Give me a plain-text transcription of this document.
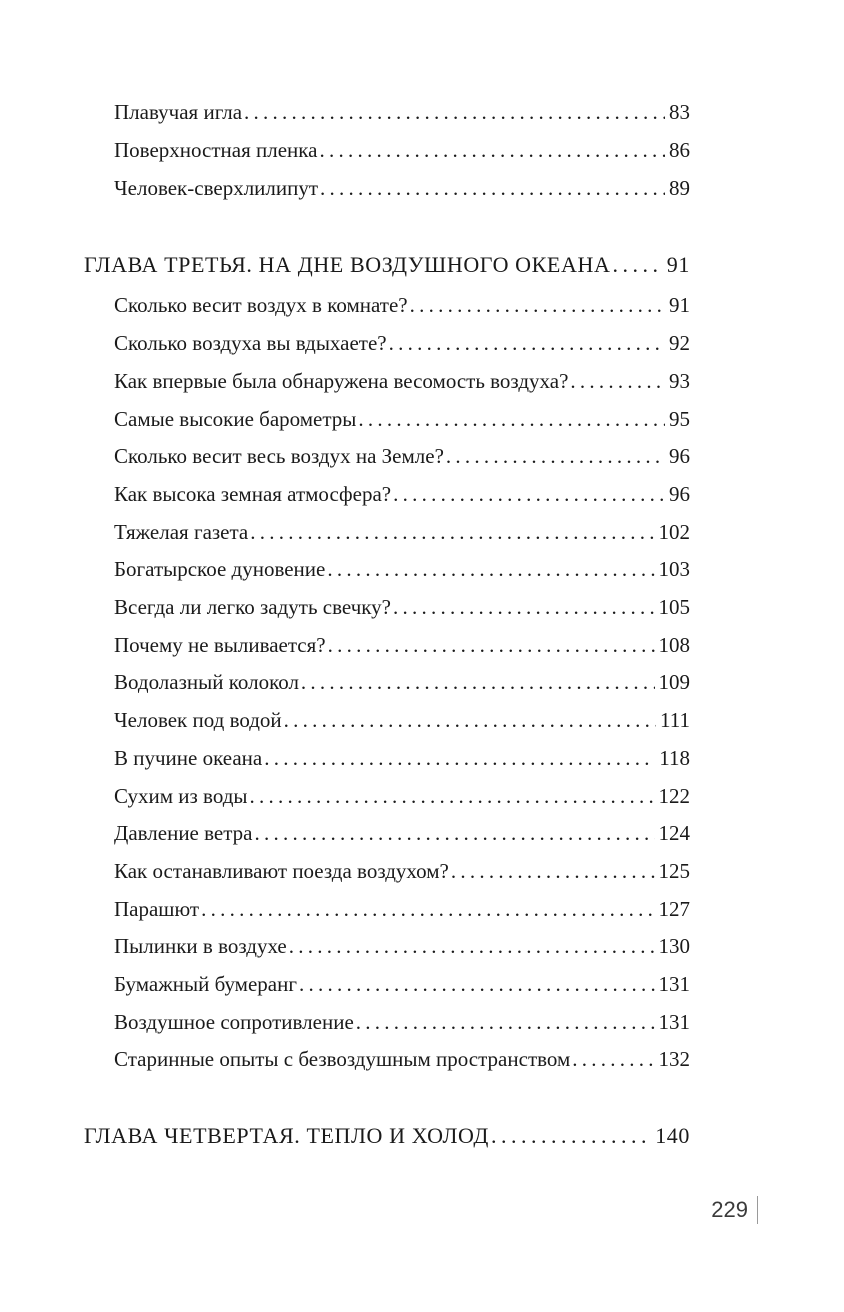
Плавучая игла . . .	83
Поверхностная пленка . . .	86
Человек-сверхлилипут . . .	89
ГЛАВА ТРЕТЬЯ. НА ДНЕ ВОЗДУШНОГО ОКЕАНА . . .	91
Сколько весит воздух в комнате? . . .	91
Сколько воздуха вы вдыхаете? . . .	92
Как впервые была обнаружена весомость воздуха? . . .	93
Самые высокие барометры . . .	95
Сколько весит весь воздух на Земле? . . .	96
Как высока земная атмосфера? . . .	96
Тяжелая газета . . .	102
Богатырское дуновение . . .	103
Всегда ли легко задуть свечку? . . .	105
Почему не выливается? . . .	108
Водолазный колокол . . .	109
Человек под водой . . .	111
В пучине океана . . .	118
Сухим из воды . . .	122
Давление ветра . . .	124
Как останавливают поезда воздухом? . . .	125
Парашют . . .	127
Пылинки в воздухе . . .	130
Бумажный бумеранг . . .	131
Воздушное сопротивление . . .	131
Старинные опыты с безвоздушным пространством . . .	132
ГЛАВА ЧЕТВЕРТАЯ. ТЕПЛО И ХОЛОД . . .	140
229
